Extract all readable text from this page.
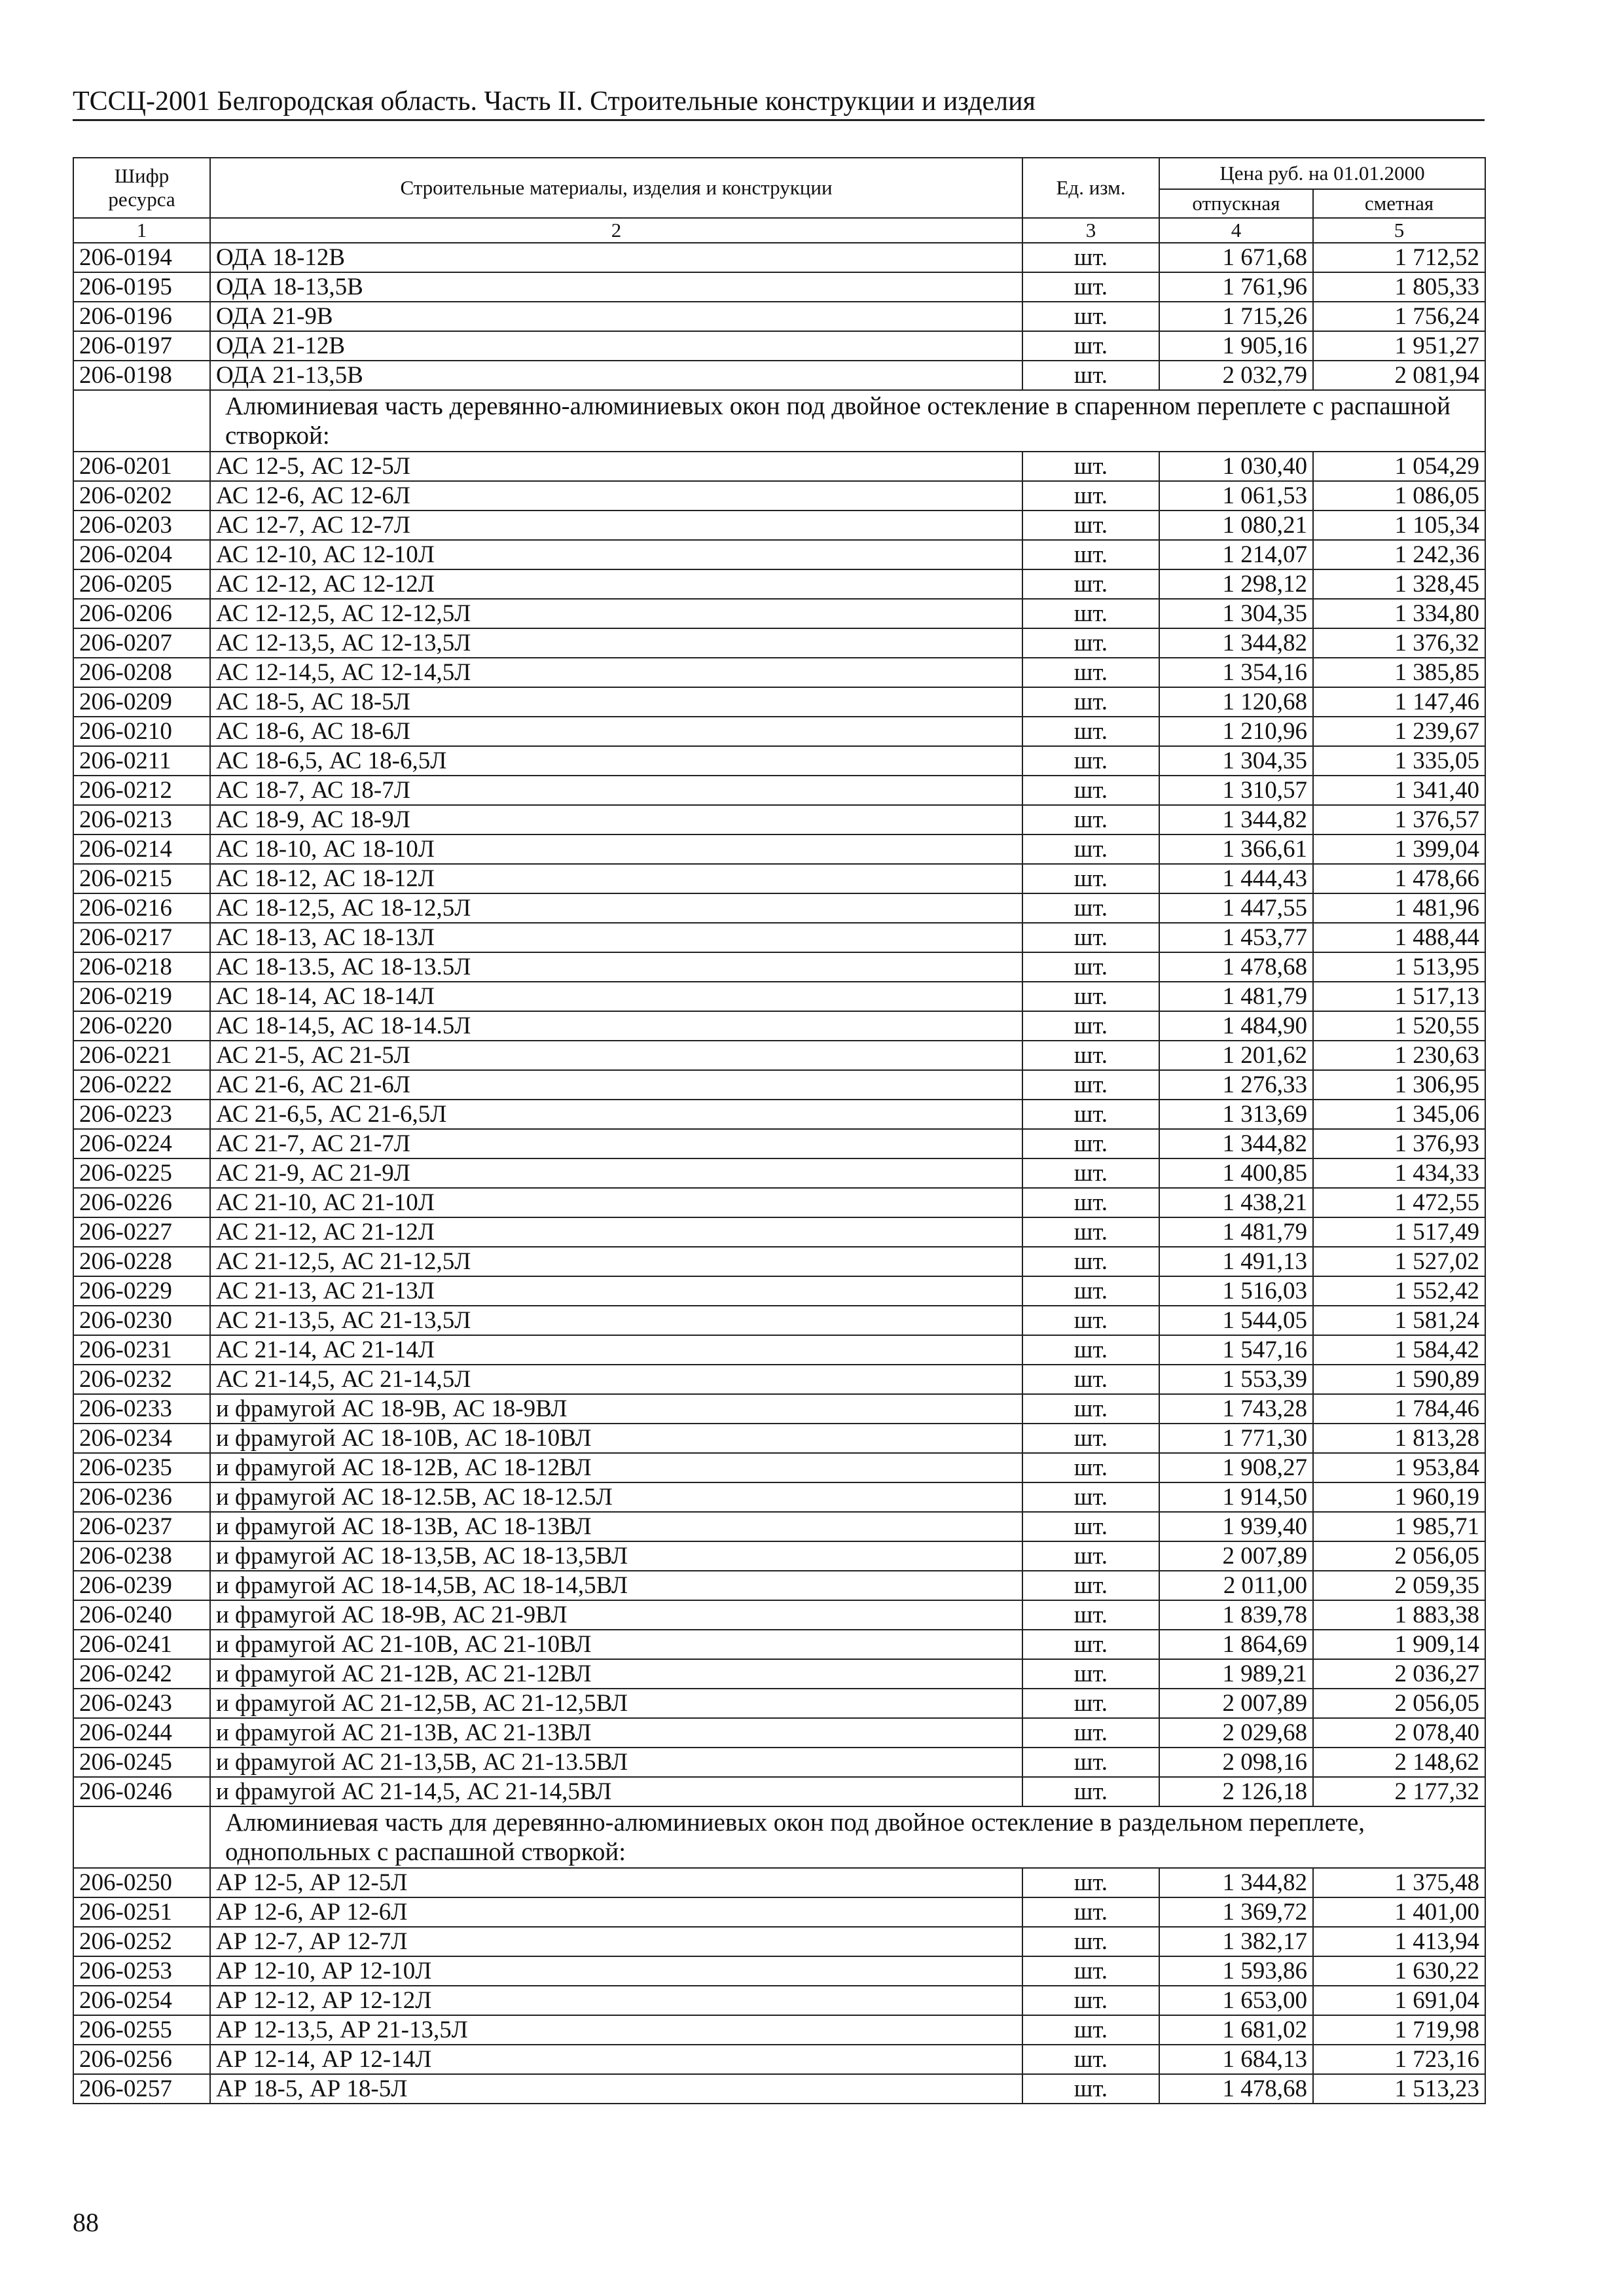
ТССЦ-2001 Белгородская область. Часть II. Строительные конструкции и изделия
Шифр ресурса	Строительные материалы, изделия и конструкции	Ед. изм.	Цена руб. на 01.01.2000	
			отпускная	сметная
1	2	3	4	5
206-0194	ОДА 18-12В	шт.	1 671,68	1 712,52
206-0195	ОДА 18-13,5В	шт.	1 761,96	1 805,33
206-0196	ОДА 21-9В	шт.	1 715,26	1 756,24
206-0197	ОДА 21-12В	шт.	1 905,16	1 951,27
206-0198	ОДА 21-13,5В	шт.	2 032,79	2 081,94
	Алюминиевая часть деревянно-алюминиевых окон под двойное остекление в спаренном переплете с распашной створкой:			
206-0201	АС 12-5, АС 12-5Л	шт.	1 030,40	1 054,29
206-0202	АС 12-6, АС 12-6Л	шт.	1 061,53	1 086,05
206-0203	АС 12-7, АС 12-7Л	шт.	1 080,21	1 105,34
206-0204	АС 12-10, АС 12-10Л	шт.	1 214,07	1 242,36
206-0205	АС 12-12, АС 12-12Л	шт.	1 298,12	1 328,45
206-0206	АС 12-12,5, АС 12-12,5Л	шт.	1 304,35	1 334,80
206-0207	АС 12-13,5, АС 12-13,5Л	шт.	1 344,82	1 376,32
206-0208	АС 12-14,5, АС 12-14,5Л	шт.	1 354,16	1 385,85
206-0209	АС 18-5, АС 18-5Л	шт.	1 120,68	1 147,46
206-0210	АС 18-6, АС 18-6Л	шт.	1 210,96	1 239,67
206-0211	АС 18-6,5, АС 18-6,5Л	шт.	1 304,35	1 335,05
206-0212	АС 18-7, АС 18-7Л	шт.	1 310,57	1 341,40
206-0213	АС 18-9, АС 18-9Л	шт.	1 344,82	1 376,57
206-0214	АС 18-10, АС 18-10Л	шт.	1 366,61	1 399,04
206-0215	АС 18-12, АС 18-12Л	шт.	1 444,43	1 478,66
206-0216	АС 18-12,5, АС 18-12,5Л	шт.	1 447,55	1 481,96
206-0217	АС 18-13, АС 18-13Л	шт.	1 453,77	1 488,44
206-0218	АС 18-13.5, АС 18-13.5Л	шт.	1 478,68	1 513,95
206-0219	АС 18-14, АС 18-14Л	шт.	1 481,79	1 517,13
206-0220	АС 18-14,5, АС 18-14.5Л	шт.	1 484,90	1 520,55
206-0221	АС 21-5, АС 21-5Л	шт.	1 201,62	1 230,63
206-0222	АС 21-6, АС 21-6Л	шт.	1 276,33	1 306,95
206-0223	АС 21-6,5, АС 21-6,5Л	шт.	1 313,69	1 345,06
206-0224	АС 21-7, АС 21-7Л	шт.	1 344,82	1 376,93
206-0225	АС 21-9, АС 21-9Л	шт.	1 400,85	1 434,33
206-0226	АС 21-10, АС 21-10Л	шт.	1 438,21	1 472,55
206-0227	АС 21-12, АС 21-12Л	шт.	1 481,79	1 517,49
206-0228	АС 21-12,5, АС 21-12,5Л	шт.	1 491,13	1 527,02
206-0229	АС 21-13, АС 21-13Л	шт.	1 516,03	1 552,42
206-0230	АС 21-13,5, АС 21-13,5Л	шт.	1 544,05	1 581,24
206-0231	АС 21-14, АС 21-14Л	шт.	1 547,16	1 584,42
206-0232	АС 21-14,5, АС 21-14,5Л	шт.	1 553,39	1 590,89
206-0233	и фрамугой АС 18-9В, АС 18-9ВЛ	шт.	1 743,28	1 784,46
206-0234	и фрамугой АС 18-10В, АС 18-10ВЛ	шт.	1 771,30	1 813,28
206-0235	и фрамугой АС 18-12В, АС 18-12ВЛ	шт.	1 908,27	1 953,84
206-0236	и фрамугой АС 18-12.5В, АС 18-12.5Л	шт.	1 914,50	1 960,19
206-0237	и фрамугой АС 18-13В, АС 18-13ВЛ	шт.	1 939,40	1 985,71
206-0238	и фрамугой АС 18-13,5В, АС 18-13,5ВЛ	шт.	2 007,89	2 056,05
206-0239	и фрамугой АС 18-14,5В, АС 18-14,5ВЛ	шт.	2 011,00	2 059,35
206-0240	и фрамугой АС 18-9В, АС 21-9ВЛ	шт.	1 839,78	1 883,38
206-0241	и фрамугой АС 21-10В, АС 21-10ВЛ	шт.	1 864,69	1 909,14
206-0242	и фрамугой АС 21-12В, АС 21-12ВЛ	шт.	1 989,21	2 036,27
206-0243	и фрамугой АС 21-12,5В, АС 21-12,5ВЛ	шт.	2 007,89	2 056,05
206-0244	и фрамугой АС 21-13В, АС 21-13ВЛ	шт.	2 029,68	2 078,40
206-0245	и фрамугой АС 21-13,5В, АС 21-13.5ВЛ	шт.	2 098,16	2 148,62
206-0246	и фрамугой АС 21-14,5, АС 21-14,5ВЛ	шт.	2 126,18	2 177,32
	Алюминиевая часть для деревянно-алюминиевых окон под двойное остекление в раздельном переплете, однопольных с распашной створкой:			
206-0250	АР 12-5, АР 12-5Л	шт.	1 344,82	1 375,48
206-0251	АР 12-6, АР 12-6Л	шт.	1 369,72	1 401,00
206-0252	АР 12-7, АР 12-7Л	шт.	1 382,17	1 413,94
206-0253	АР 12-10, АР 12-10Л	шт.	1 593,86	1 630,22
206-0254	АР 12-12, АР 12-12Л	шт.	1 653,00	1 691,04
206-0255	АР 12-13,5, АР 21-13,5Л	шт.	1 681,02	1 719,98
206-0256	АР 12-14, АР 12-14Л	шт.	1 684,13	1 723,16
206-0257	АР 18-5, АР 18-5Л	шт.	1 478,68	1 513,23
88
